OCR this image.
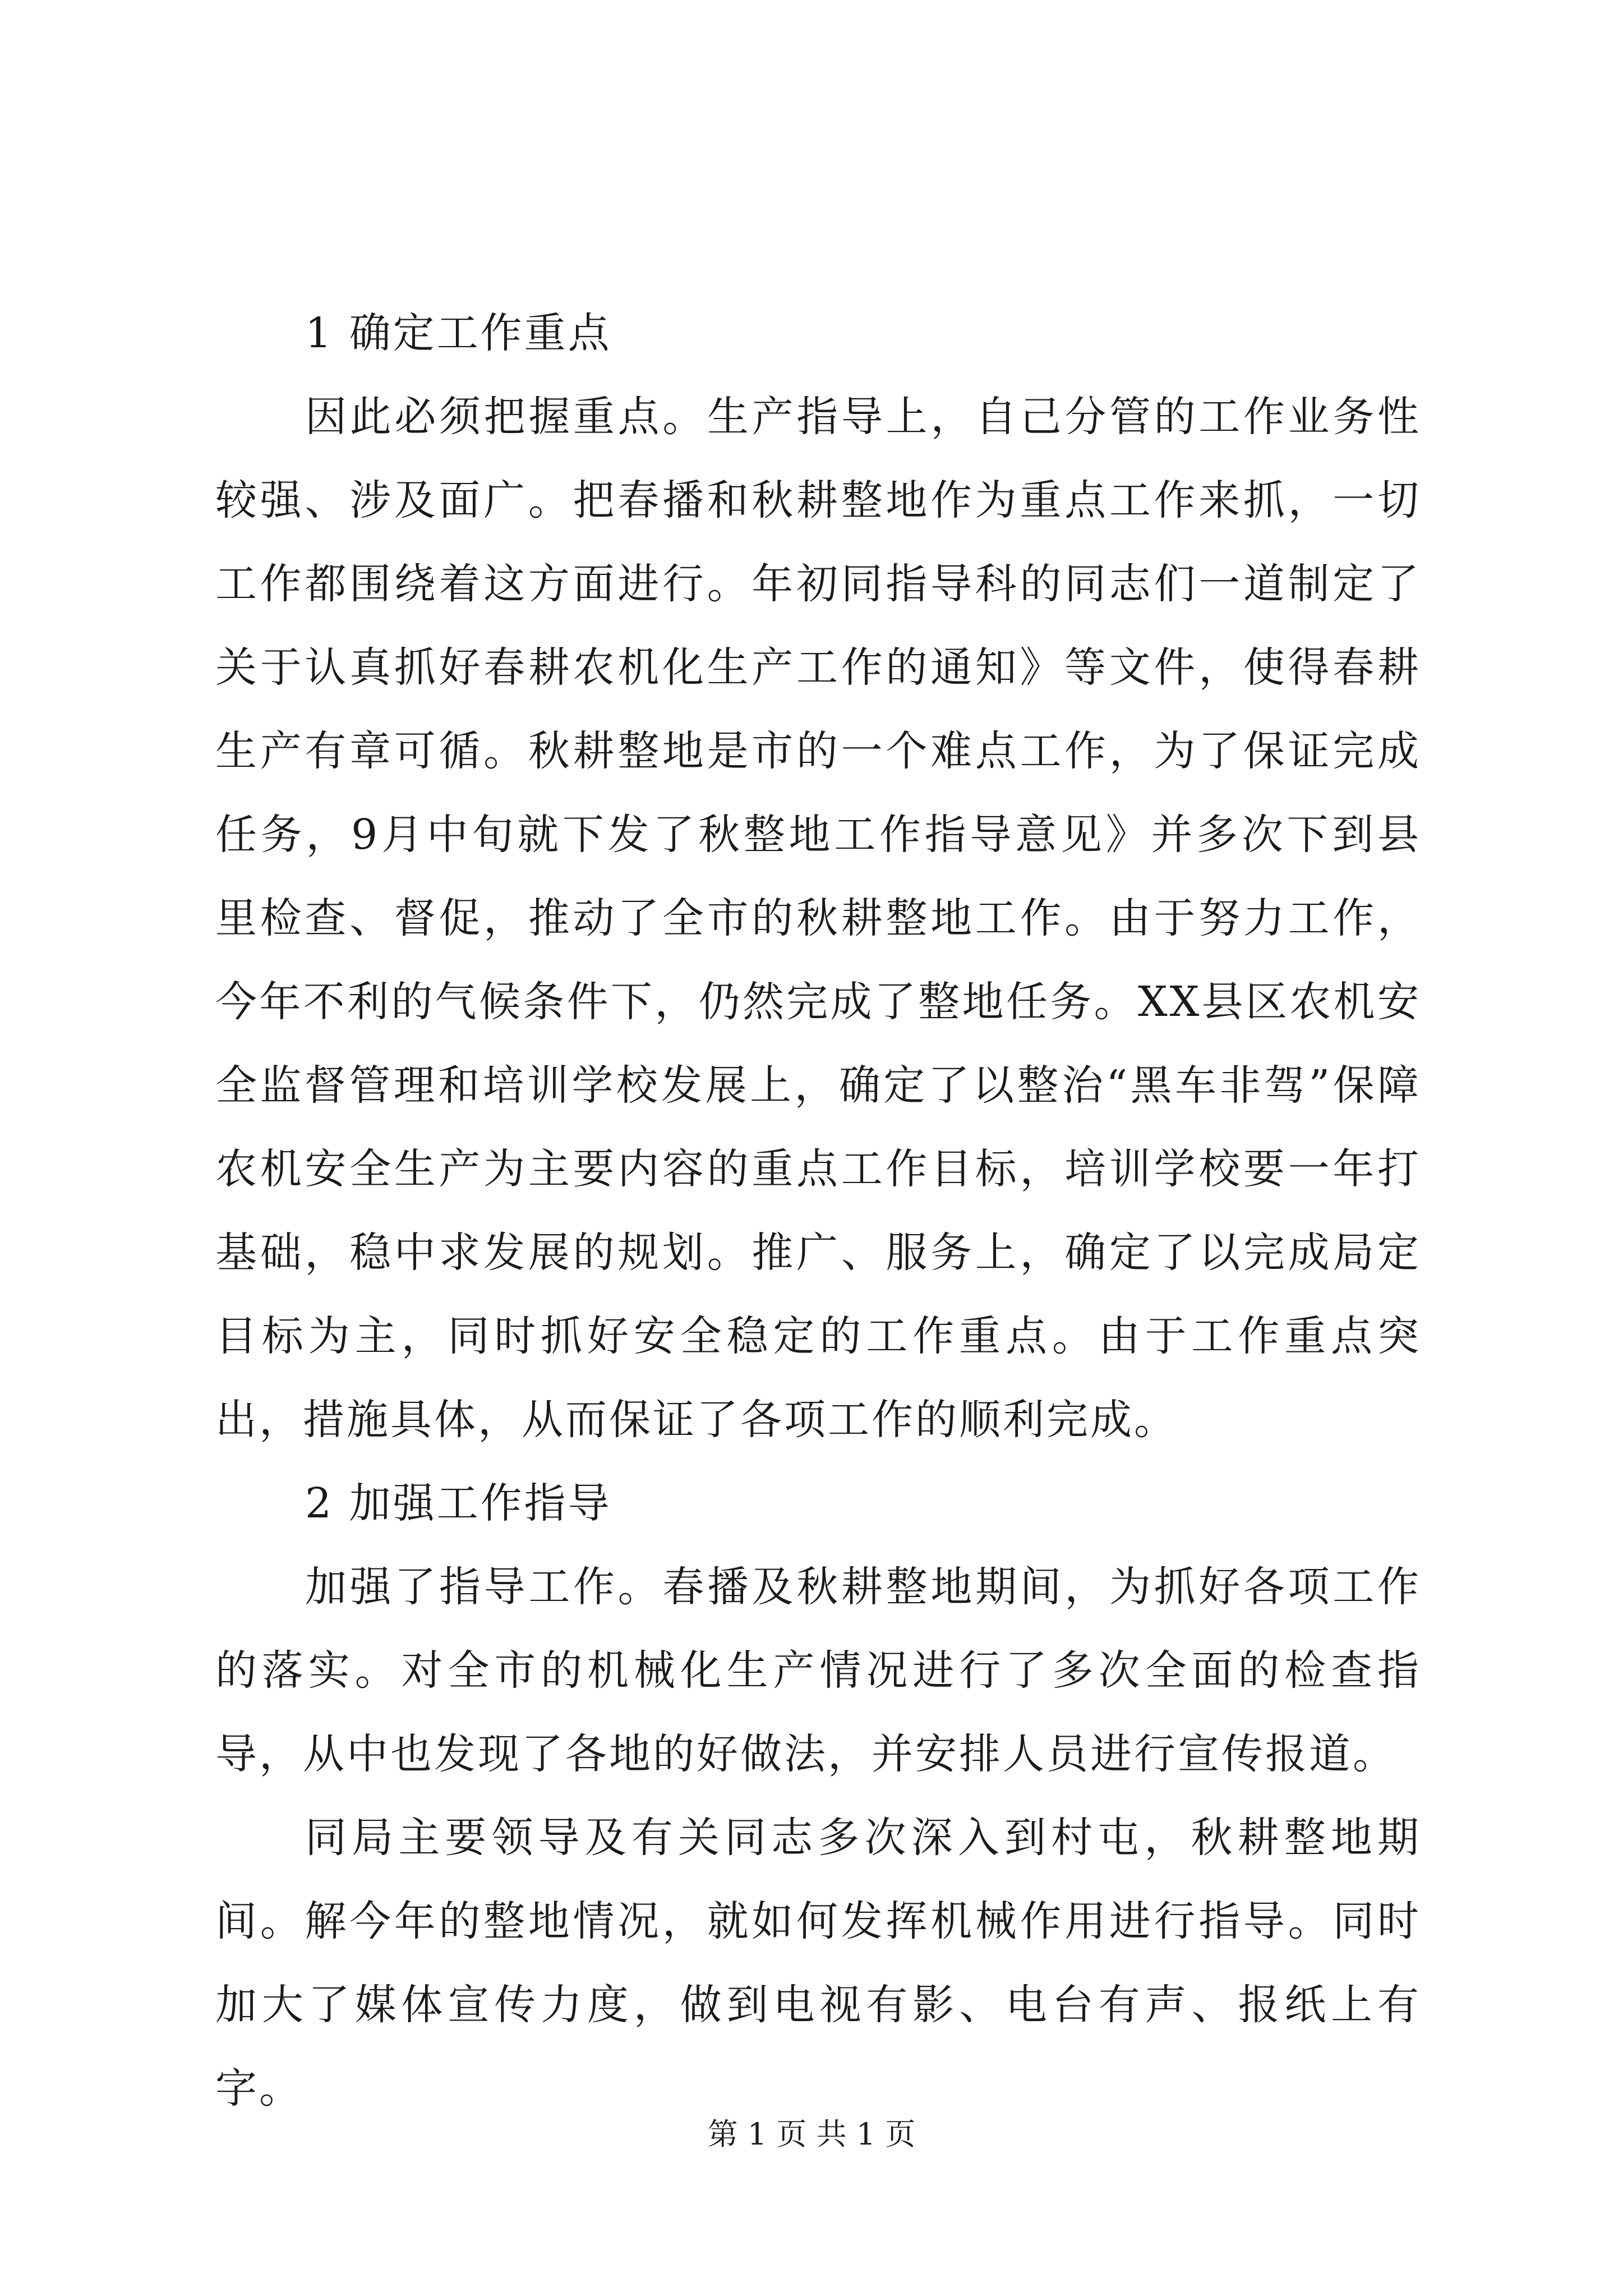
1 确定工作重点

因此必须把握重点。生产指导上，自己分管的工作业务性较强、涉及面广。把春播和秋耕整地作为重点工作来抓，一切工作都围绕着这方面进行。年初同指导科的同志们一道制定了关于认真抓好春耕农机化生产工作的通知》等文件，使得春耕生产有章可循。秋耕整地是市的一个难点工作，为了保证完成任务，9月中旬就下发了秋整地工作指导意见》并多次下到县里检查、督促，推动了全市的秋耕整地工作。由于努力工作，今年不利的气候条件下，仍然完成了整地任务。XX县区农机安全监督管理和培训学校发展上，确定了以整治“黑车非驾”保障农机安全生产为主要内容的重点工作目标，培训学校要一年打基础，稳中求发展的规划。推广、服务上，确定了以完成局定目标为主，同时抓好安全稳定的工作重点。由于工作重点突出，措施具体，从而保证了各项工作的顺利完成。

2 加强工作指导

加强了指导工作。春播及秋耕整地期间，为抓好各项工作的落实。对全市的机械化生产情况进行了多次全面的检查指导，从中也发现了各地的好做法，并安排人员进行宣传报道。

同局主要领导及有关同志多次深入到村屯，秋耕整地期间。解今年的整地情况，就如何发挥机械作用进行指导。同时加大了媒体宣传力度，做到电视有影、电台有声、报纸上有字。

第 1 页 共 1 页
